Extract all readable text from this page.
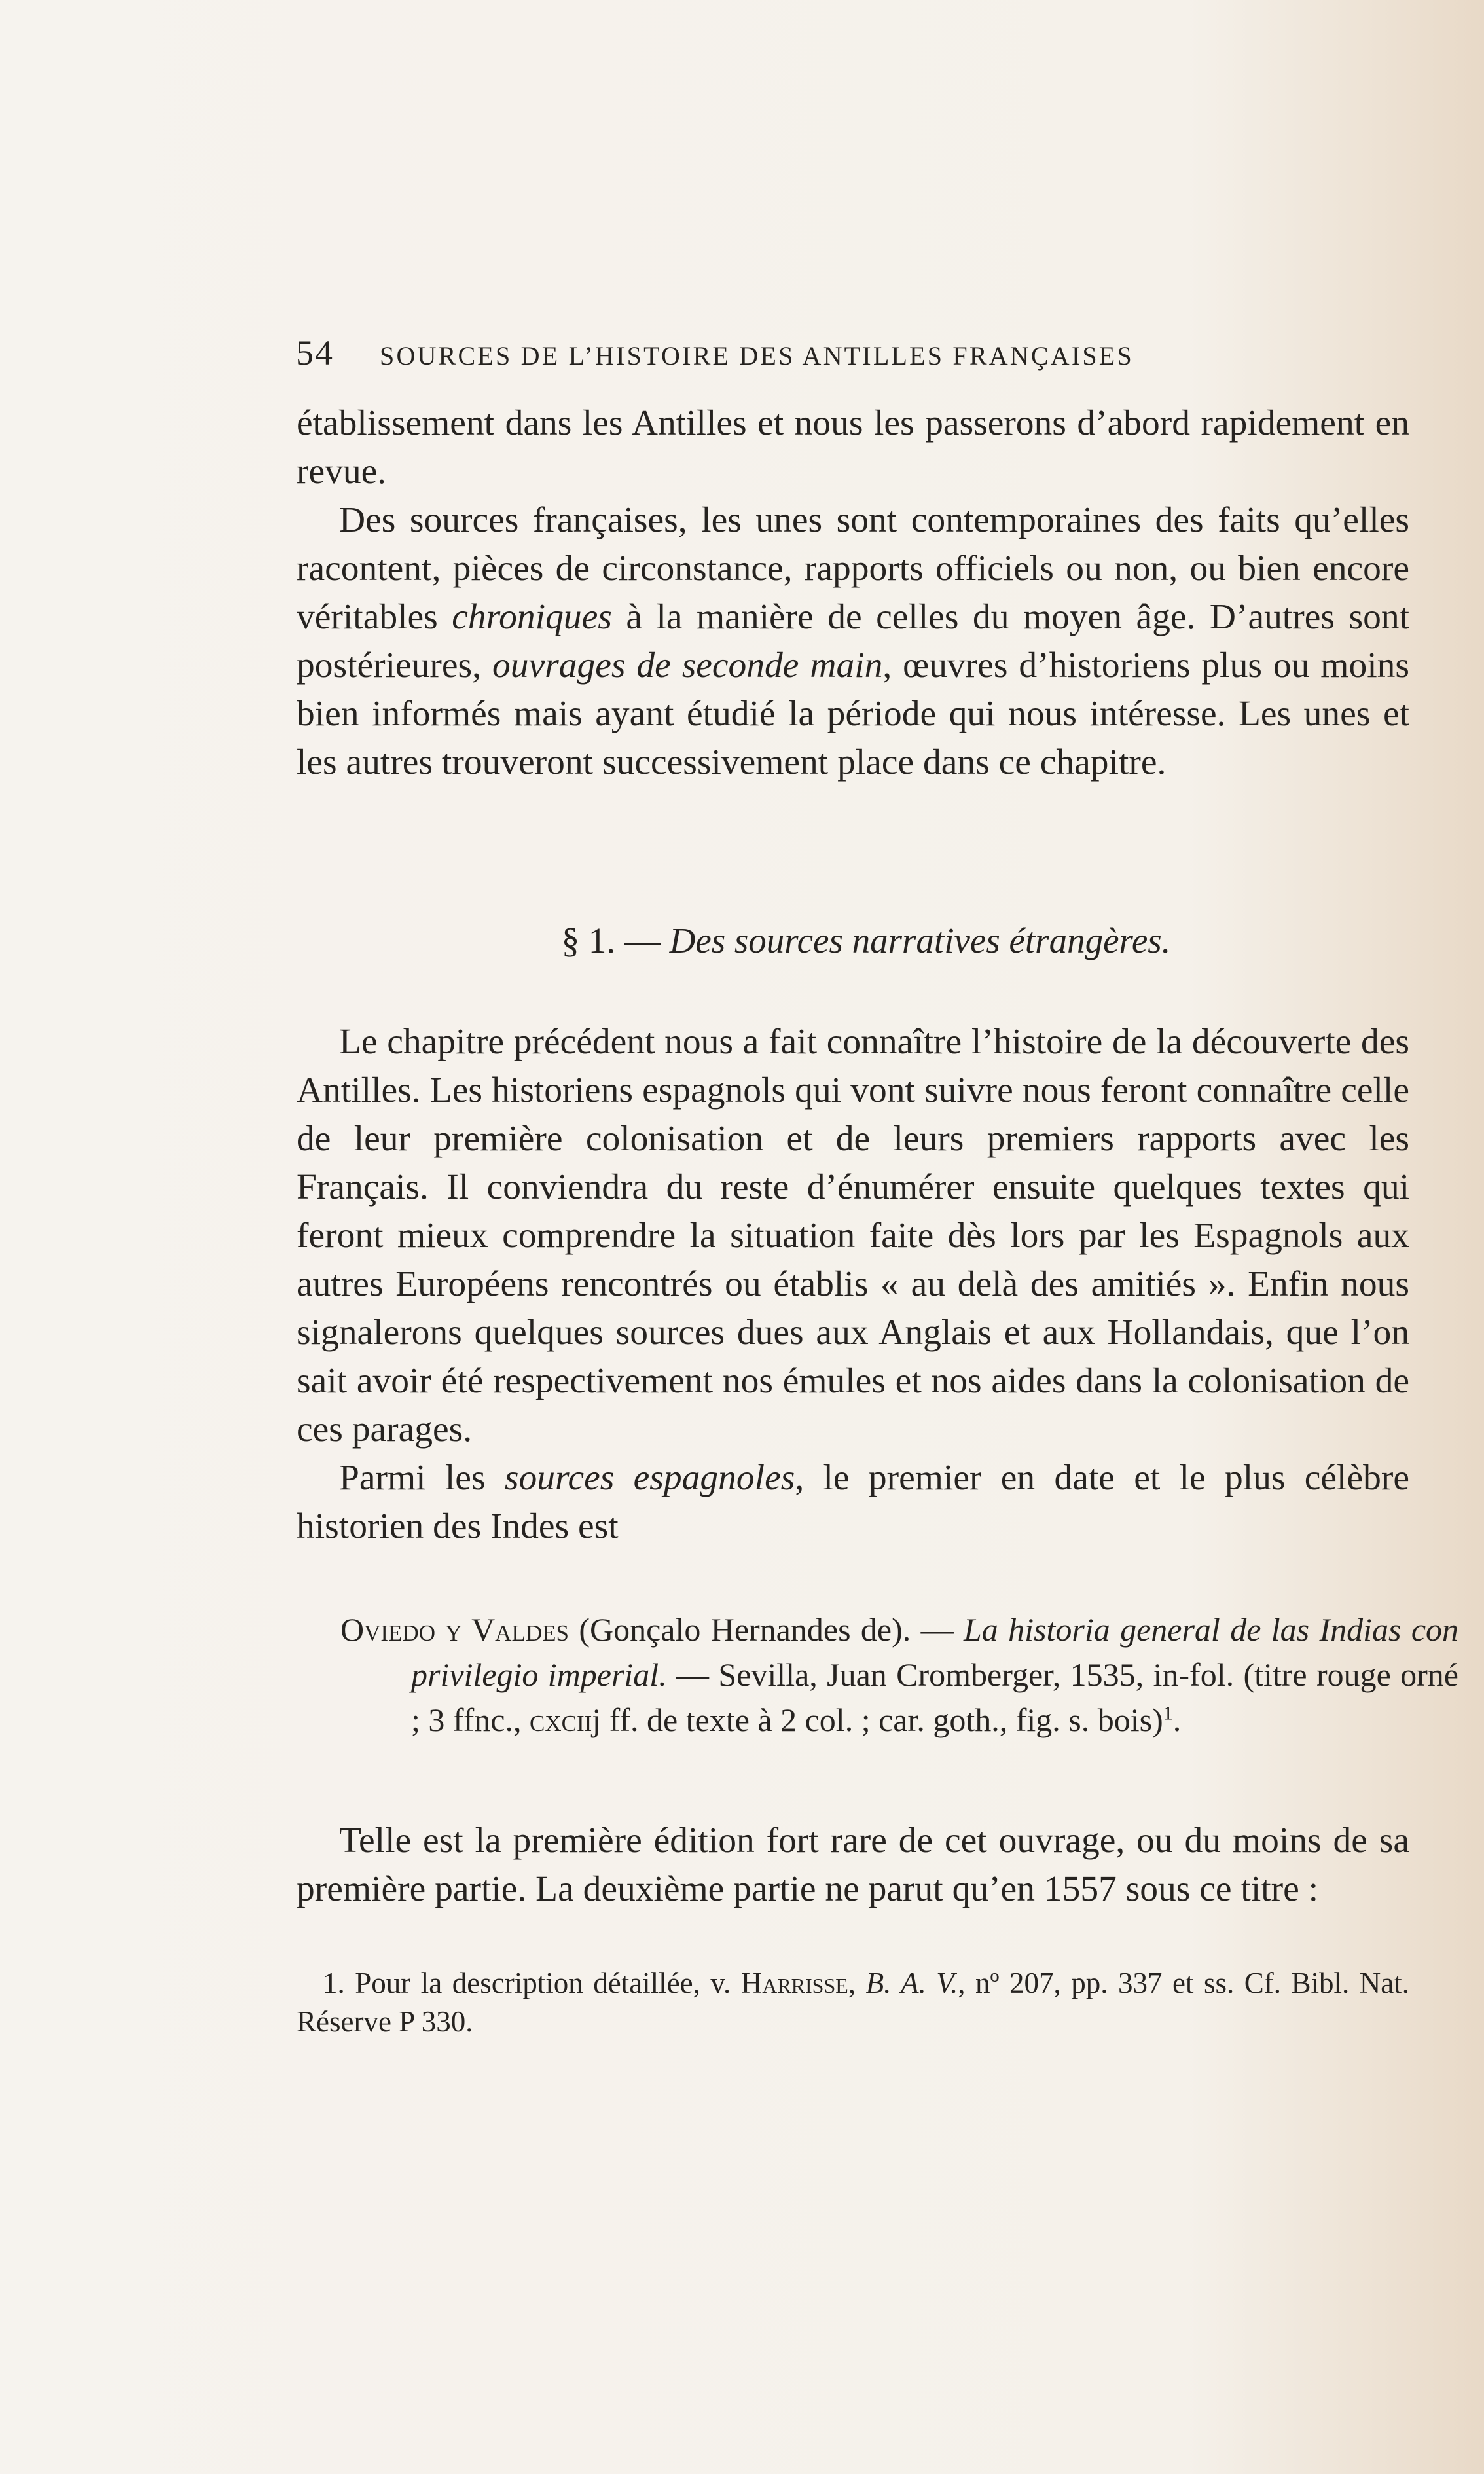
54	SOURCES DE L’HISTOIRE DES ANTILLES FRANÇAISES

établissement dans les Antilles et nous les passerons d’abord rapidement en revue.

Des sources françaises, les unes sont contemporaines des faits qu’elles racontent, pièces de circonstance, rapports officiels ou non, ou bien encore véritables chroniques à la manière de celles du moyen âge. D’autres sont postérieures, ouvrages de seconde main, œuvres d’historiens plus ou moins bien informés mais ayant étudié la période qui nous intéresse. Les unes et les autres trouveront successivement place dans ce chapitre.

§ 1. — Des sources narratives étrangères.

Le chapitre précédent nous a fait connaître l’histoire de la découverte des Antilles. Les historiens espagnols qui vont suivre nous feront connaître celle de leur première colonisation et de leurs premiers rapports avec les Français. Il conviendra du reste d’énumérer ensuite quelques textes qui feront mieux comprendre la situation faite dès lors par les Espagnols aux autres Européens rencontrés ou établis « au delà des amitiés ». Enfin nous signalerons quelques sources dues aux Anglais et aux Hollandais, que l’on sait avoir été respectivement nos émules et nos aides dans la colonisation de ces parages.

Parmi les sources espagnoles, le premier en date et le plus célèbre historien des Indes est

Oviedo y Valdes (Gonçalo Hernandes de). — La historia general de las Indias con privilegio imperial. — Sevilla, Juan Cromberger, 1535, in-fol. (titre rouge orné ; 3 ffnc., cxciij ff. de texte à 2 col. ; car. goth., fig. s. bois)$^1$.

Telle est la première édition fort rare de cet ouvrage, ou du moins de sa première partie. La deuxième partie ne parut qu’en 1557 sous ce titre :

1. Pour la description détaillée, v. Harrisse, B. A. V., nº 207, pp. 337 et ss. Cf. Bibl. Nat. Réserve P 330.
